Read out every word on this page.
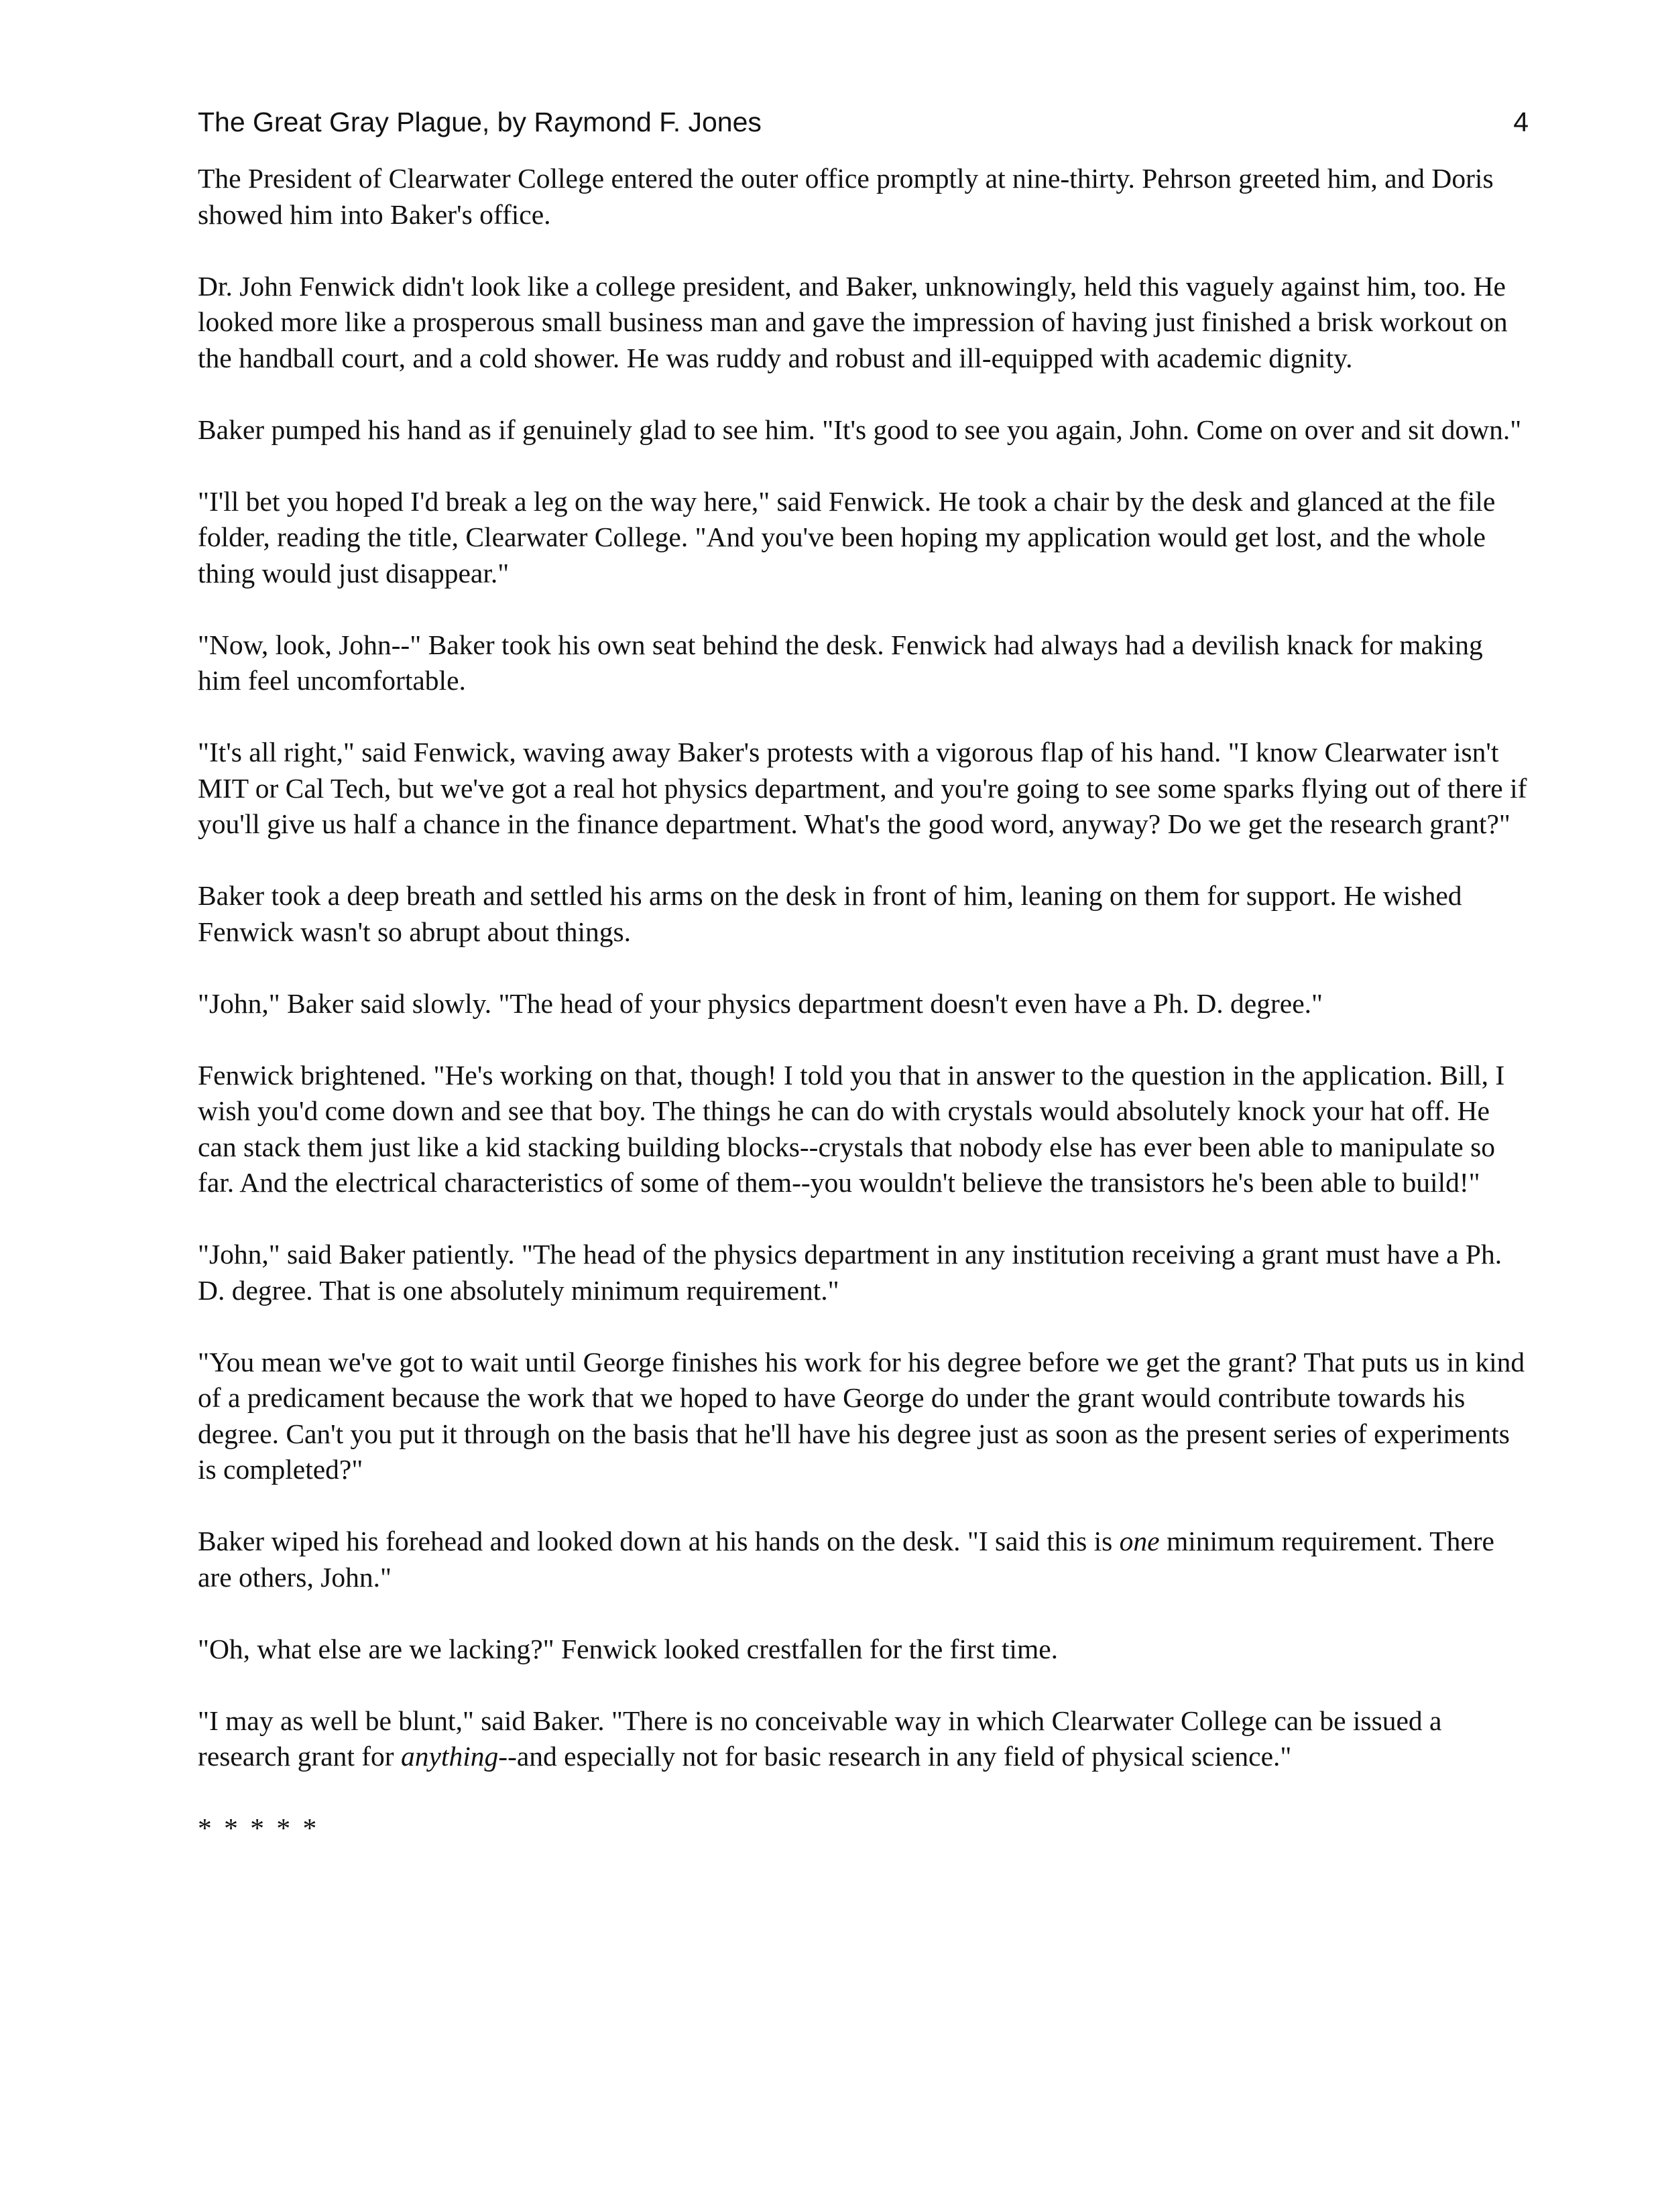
The Great Gray Plague, by Raymond F. Jones	4

The President of Clearwater College entered the outer office promptly at nine-thirty. Pehrson greeted him, and Doris showed him into Baker's office.

Dr. John Fenwick didn't look like a college president, and Baker, unknowingly, held this vaguely against him, too. He looked more like a prosperous small business man and gave the impression of having just finished a brisk workout on the handball court, and a cold shower. He was ruddy and robust and ill-equipped with academic dignity.

Baker pumped his hand as if genuinely glad to see him. "It's good to see you again, John. Come on over and sit down."

"I'll bet you hoped I'd break a leg on the way here," said Fenwick. He took a chair by the desk and glanced at the file folder, reading the title, Clearwater College. "And you've been hoping my application would get lost, and the whole thing would just disappear."

"Now, look, John--" Baker took his own seat behind the desk. Fenwick had always had a devilish knack for making him feel uncomfortable.

"It's all right," said Fenwick, waving away Baker's protests with a vigorous flap of his hand. "I know Clearwater isn't MIT or Cal Tech, but we've got a real hot physics department, and you're going to see some sparks flying out of there if you'll give us half a chance in the finance department. What's the good word, anyway? Do we get the research grant?"

Baker took a deep breath and settled his arms on the desk in front of him, leaning on them for support. He wished Fenwick wasn't so abrupt about things.

"John," Baker said slowly. "The head of your physics department doesn't even have a Ph. D. degree."

Fenwick brightened. "He's working on that, though! I told you that in answer to the question in the application. Bill, I wish you'd come down and see that boy. The things he can do with crystals would absolutely knock your hat off. He can stack them just like a kid stacking building blocks--crystals that nobody else has ever been able to manipulate so far. And the electrical characteristics of some of them--you wouldn't believe the transistors he's been able to build!"

"John," said Baker patiently. "The head of the physics department in any institution receiving a grant must have a Ph. D. degree. That is one absolutely minimum requirement."

"You mean we've got to wait until George finishes his work for his degree before we get the grant? That puts us in kind of a predicament because the work that we hoped to have George do under the grant would contribute towards his degree. Can't you put it through on the basis that he'll have his degree just as soon as the present series of experiments is completed?"

Baker wiped his forehead and looked down at his hands on the desk. "I said this is one minimum requirement. There are others, John."

"Oh, what else are we lacking?" Fenwick looked crestfallen for the first time.

"I may as well be blunt," said Baker. "There is no conceivable way in which Clearwater College can be issued a research grant for anything--and especially not for basic research in any field of physical science."

* * * * *
